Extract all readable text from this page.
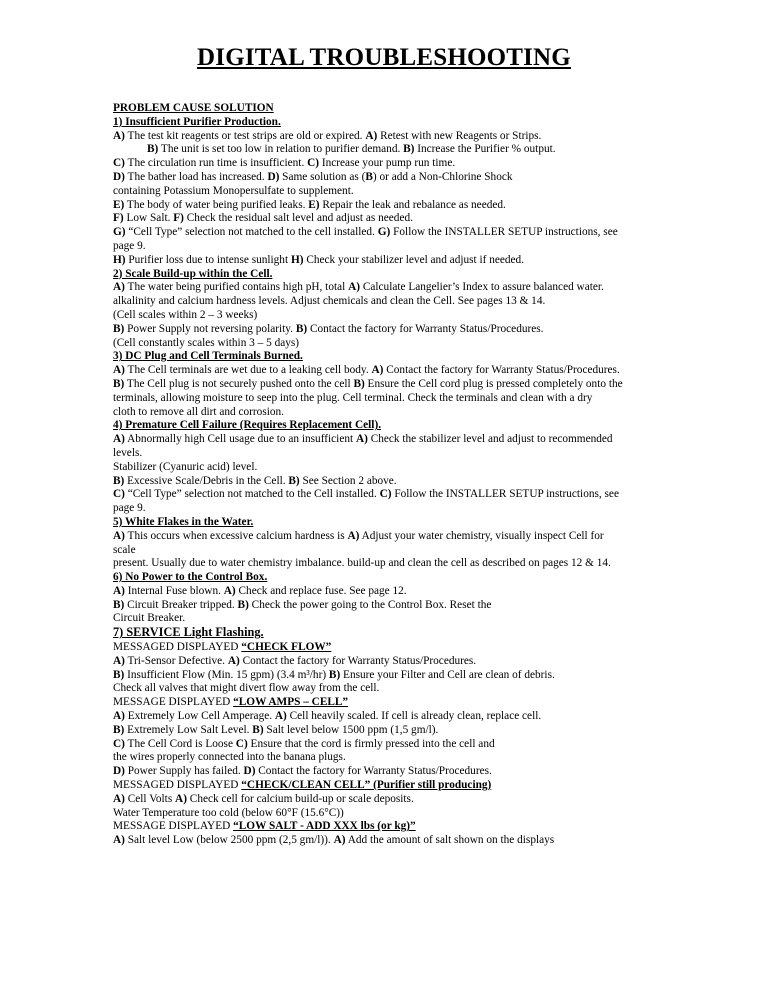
DIGITAL TROUBLESHOOTING
PROBLEM CAUSE SOLUTION
1) Insufficient Purifier Production.
A) The test kit reagents or test strips are old or expired. A) Retest with new Reagents or Strips.
B) The unit is set too low in relation to purifier demand. B) Increase the Purifier % output.
C) The circulation run time is insufficient. C) Increase your pump run time.
D) The bather load has increased. D) Same solution as (B) or add a Non-Chlorine Shock
containing Potassium Monopersulfate to supplement.
E) The body of water being purified leaks. E) Repair the leak and rebalance as needed.
F) Low Salt. F) Check the residual salt level and adjust as needed.
G) “Cell Type” selection not matched to the cell installed. G) Follow the INSTALLER SETUP instructions, see
page 9.
H) Purifier loss due to intense sunlight H) Check your stabilizer level and adjust if needed.
2) Scale Build-up within the Cell.
A) The water being purified contains high pH, total A) Calculate Langelier’s Index to assure balanced water.
alkalinity and calcium hardness levels. Adjust chemicals and clean the Cell. See pages 13 & 14.
(Cell scales within 2 – 3 weeks)
B) Power Supply not reversing polarity. B) Contact the factory for Warranty Status/Procedures.
(Cell constantly scales within 3 – 5 days)
3) DC Plug and Cell Terminals Burned.
A) The Cell terminals are wet due to a leaking cell body. A) Contact the factory for Warranty Status/Procedures.
B) The Cell plug is not securely pushed onto the cell B) Ensure the Cell cord plug is pressed completely onto the
terminals, allowing moisture to seep into the plug. Cell terminal. Check the terminals and clean with a dry
cloth to remove all dirt and corrosion.
4) Premature Cell Failure (Requires Replacement Cell).
A) Abnormally high Cell usage due to an insufficient A) Check the stabilizer level and adjust to recommended
levels.
Stabilizer (Cyanuric acid) level.
B) Excessive Scale/Debris in the Cell. B) See Section 2 above.
C) “Cell Type” selection not matched to the Cell installed. C) Follow the INSTALLER SETUP instructions, see
page 9.
5) White Flakes in the Water.
A) This occurs when excessive calcium hardness is A) Adjust your water chemistry, visually inspect Cell for
scale
present. Usually due to water chemistry imbalance. build-up and clean the cell as described on pages 12 & 14.
6) No Power to the Control Box.
A) Internal Fuse blown. A) Check and replace fuse. See page 12.
B) Circuit Breaker tripped. B) Check the power going to the Control Box. Reset the
Circuit Breaker.
7) SERVICE Light Flashing.
MESSAGED DISPLAYED “CHECK FLOW”
A) Tri-Sensor Defective. A) Contact the factory for Warranty Status/Procedures.
B) Insufficient Flow (Min. 15 gpm) (3.4 m³/hr) B) Ensure your Filter and Cell are clean of debris.
Check all valves that might divert flow away from the cell.
MESSAGE DISPLAYED “LOW AMPS – CELL”
A) Extremely Low Cell Amperage. A) Cell heavily scaled. If cell is already clean, replace cell.
B) Extremely Low Salt Level. B) Salt level below 1500 ppm (1,5 gm/l).
C) The Cell Cord is Loose C) Ensure that the cord is firmly pressed into the cell and
the wires properly connected into the banana plugs.
D) Power Supply has failed. D) Contact the factory for Warranty Status/Procedures.
MESSAGED DISPLAYED “CHECK/CLEAN CELL” (Purifier still producing)
A) Cell Volts A) Check cell for calcium build-up or scale deposits.
Water Temperature too cold (below 60°F (15.6°C))
MESSAGE DISPLAYED “LOW SALT - ADD XXX lbs (or kg)”
A) Salt level Low (below 2500 ppm (2,5 gm/l)). A) Add the amount of salt shown on the displays
